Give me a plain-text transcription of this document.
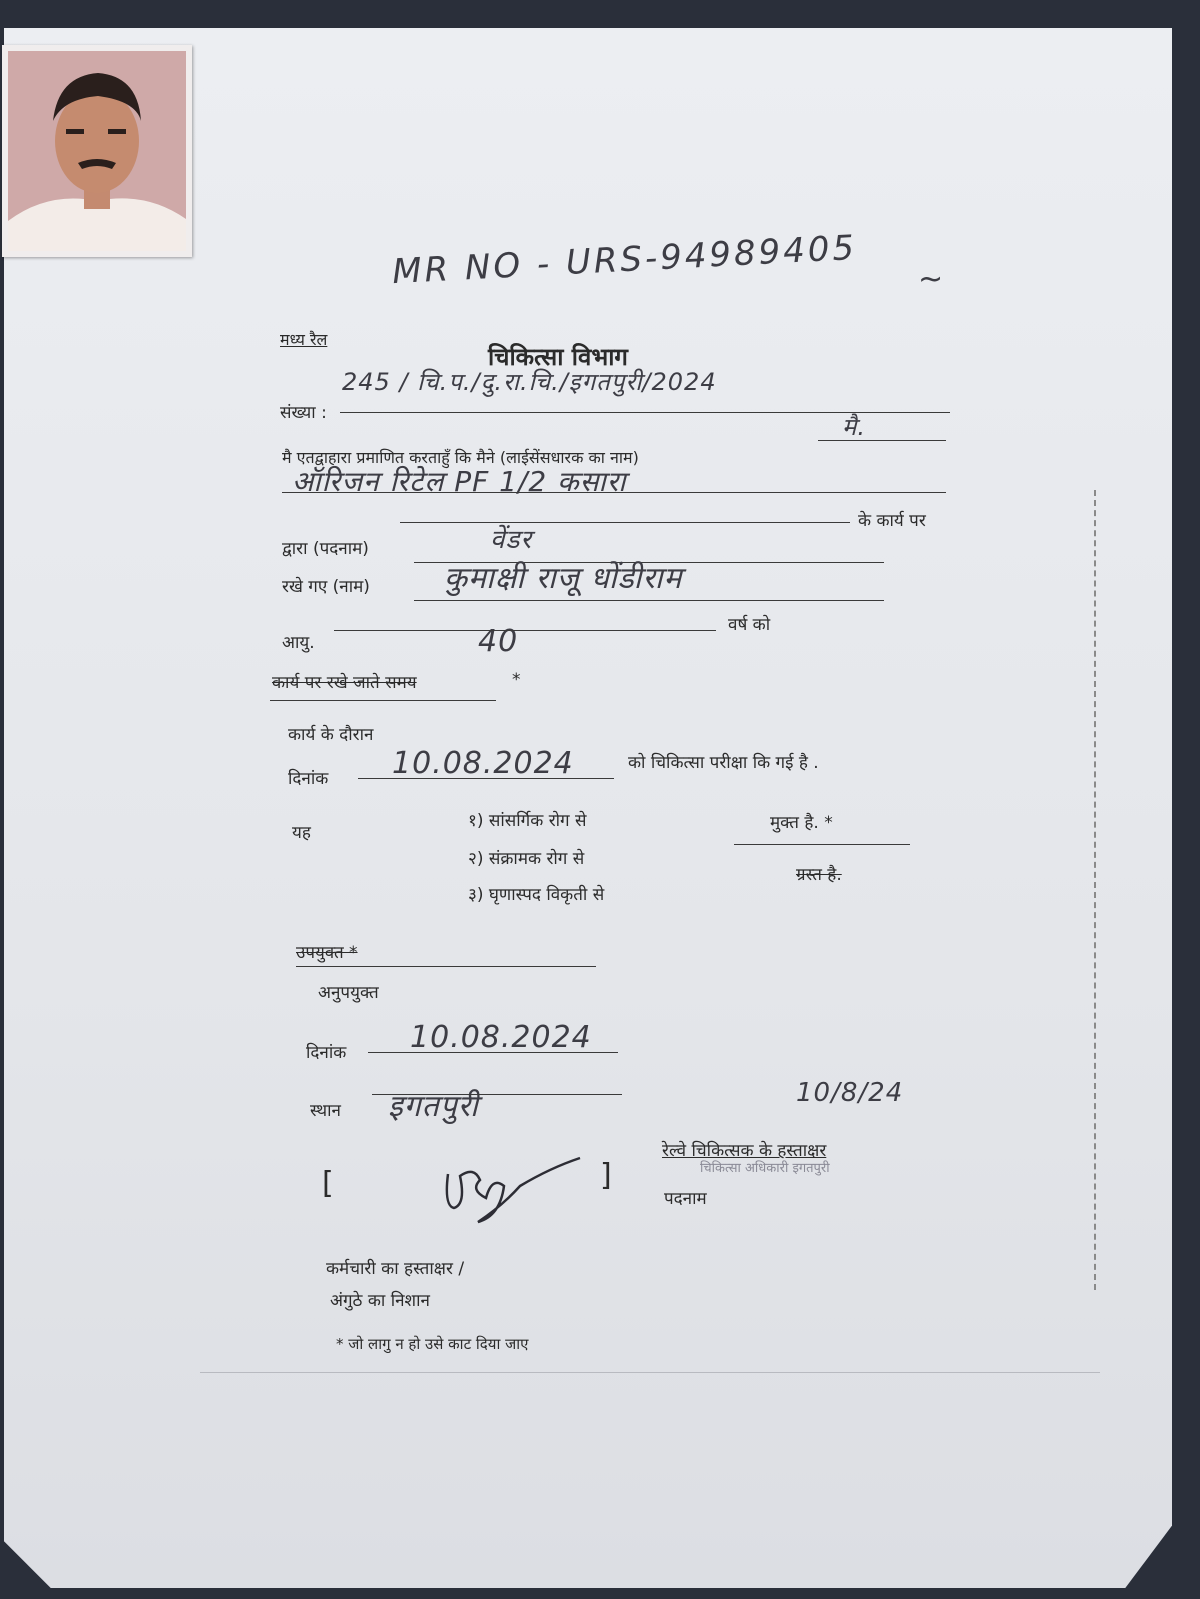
MR NO - URS-94989405 ~
मध्य रैल
चिकित्सा विभाग
संख्या :
245 / चि.प./दु.रा.चि./इगतपुरी/2024
मै एतद्वाहारा प्रमाणित करताहुँ कि मैने (लाईसेंसधारक का नाम)
मै.
ऑरिजन रिटेल PF 1/2 कसारा
के कार्य पर
द्वारा (पदनाम)	वेंडर
रखे गए (नाम) कुमाक्षी राजू धोंडीराम
आयु.	40	वर्ष को
कार्य पर रखे जाते समय	*
कार्य के दौरान
दिनांक 10.08.2024	को चिकित्सा परीक्षा कि गई है .
यह
१) सांसर्गिक रोग से
२) संक्रामक रोग से
३) घृणास्पद विकृती से
मुक्त है. *
ग्रस्त है.
उपयुक्त *
अनुपयुक्त
दिनांक 10.08.2024
स्थान इगतपुरी	10/8/24
रेल्वे चिकित्सक के हस्ताक्षर
चिकित्सा अधिकारी इगतपुरी
पदनाम
[	]
कर्मचारी का हस्ताक्षर /
अंगुठे का निशान
* जो लागु न हो उसे काट दिया जाए
